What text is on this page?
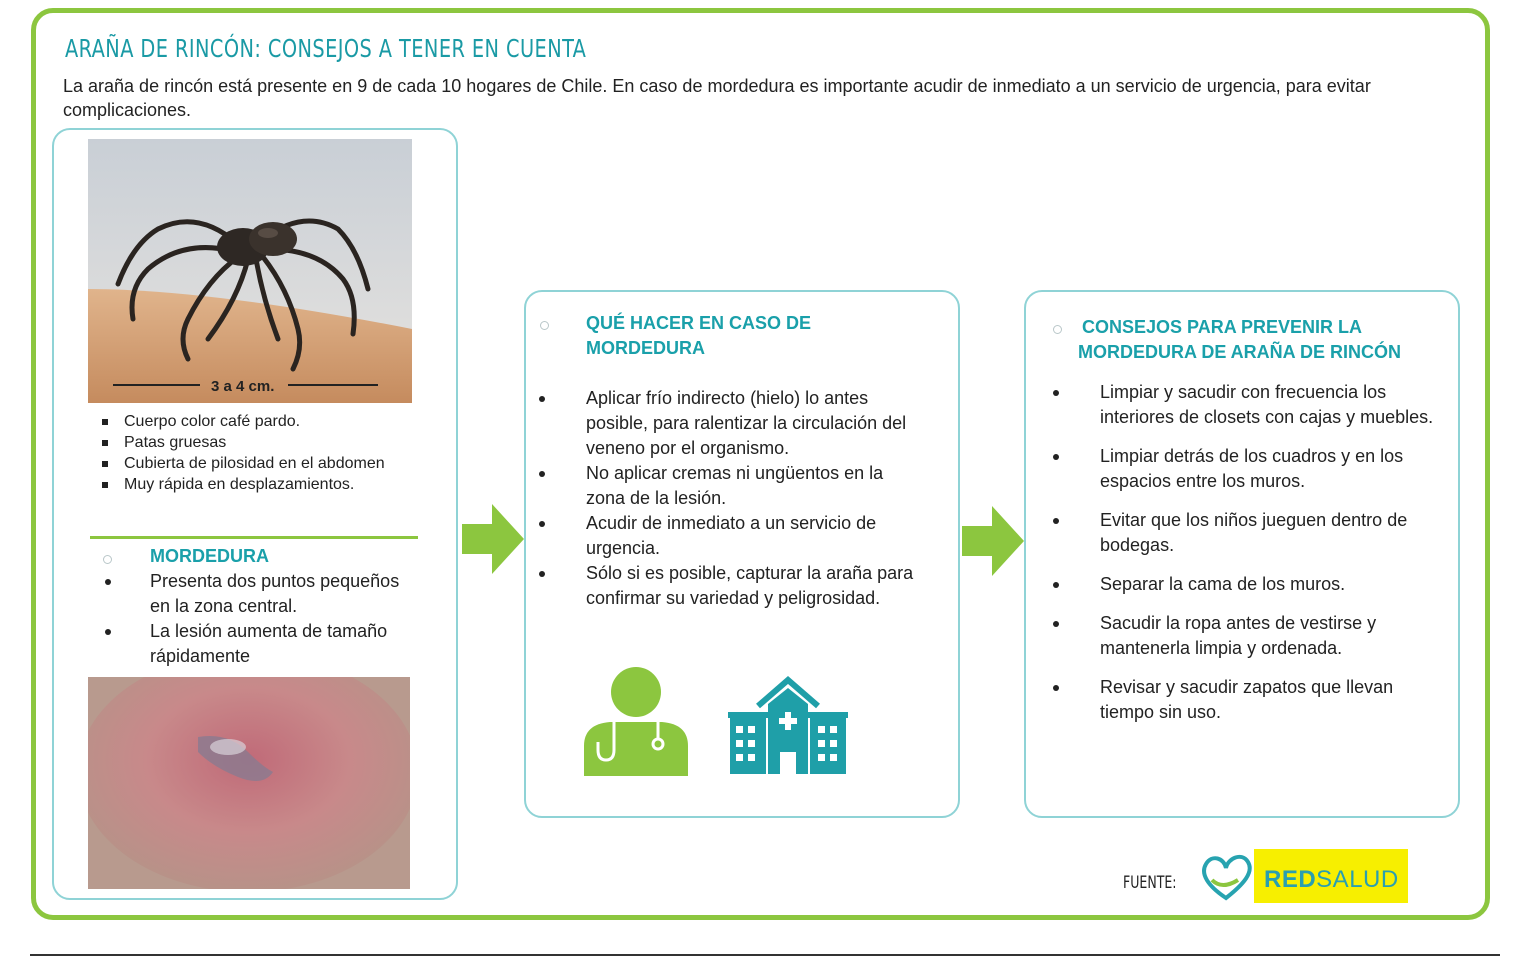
ARAÑA DE RINCÓN: CONSEJOS A TENER EN CUENTA
La araña de rincón está presente en 9 de cada 10 hogares de Chile. En caso de mordedura es importante acudir de inmediato a un servicio de urgencia, para evitar complicaciones.
3 a 4 cm.
Cuerpo color café pardo.
Patas gruesas
Cubierta de pilosidad en el abdomen
Muy rápida en desplazamientos.
MORDEDURA
Presenta dos puntos pequeños en la zona central.
La lesión aumenta de tamaño rápidamente
QUÉ HACER EN CASO DE MORDEDURA
Aplicar frío indirecto (hielo) lo antes posible, para ralentizar la circulación del veneno por el organismo.
No aplicar cremas ni ungüentos en la zona de la lesión.
Acudir de inmediato a un servicio de urgencia.
Sólo si es posible, capturar la araña para confirmar su variedad y peligrosidad.
CONSEJOS PARA PREVENIR LA MORDEDURA DE ARAÑA DE RINCÓN
Limpiar y sacudir con frecuencia los interiores de closets con cajas y muebles.
Limpiar detrás de los cuadros y en los espacios entre los muros.
Evitar que los niños jueguen dentro de bodegas.
Separar la cama de los muros.
Sacudir la ropa antes de vestirse y mantenerla limpia y ordenada.
Revisar y sacudir zapatos que llevan tiempo sin uso.
FUENTE:	REDSALUD
